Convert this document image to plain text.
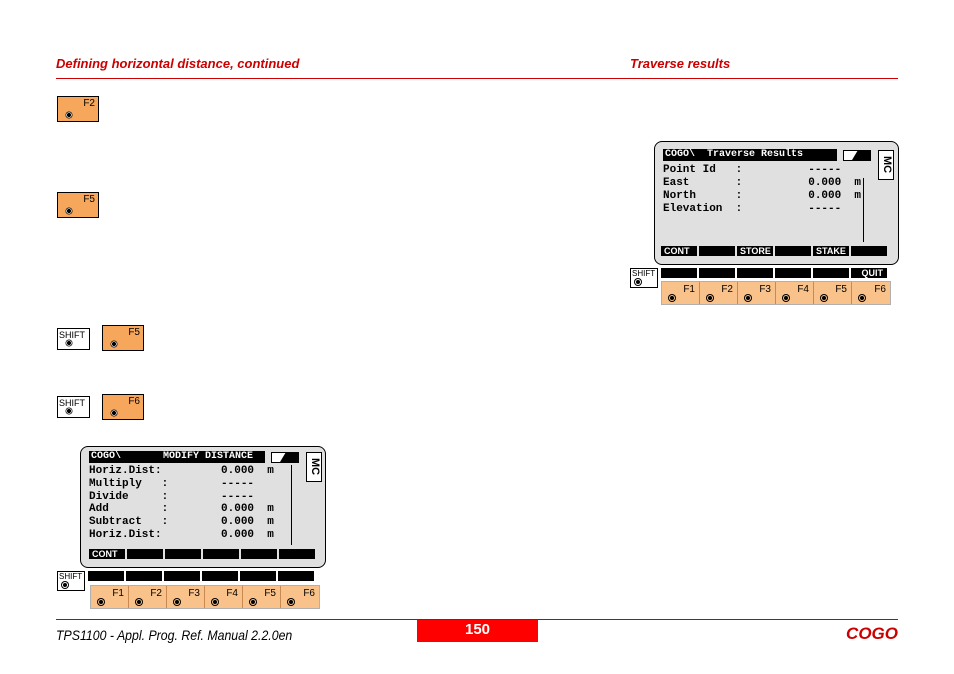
Defining horizontal distance, continued	Traverse results
F2
F5
SHIFT	F5
SHIFT	F6
COGO\  Traverse Results
MC
Point Id   :          -----
East       :          0.000  m
North      :          0.000  m
Elevation  :          -----
CONT	STORE	STAKE
SHIFT	QUIT
F1	F2	F3	F4	F5	F6
COGO\       MODIFY DISTANCE
MC
Horiz.Dist:         0.000  m
Multiply   :        -----
Divide     :        -----
Add        :        0.000  m
Subtract   :        0.000  m
Horiz.Dist:         0.000  m
CONT
SHIFT
F1	F2	F3	F4	F5	F6
TPS1100 - Appl. Prog. Ref. Manual 2.2.0en	150	COGO
